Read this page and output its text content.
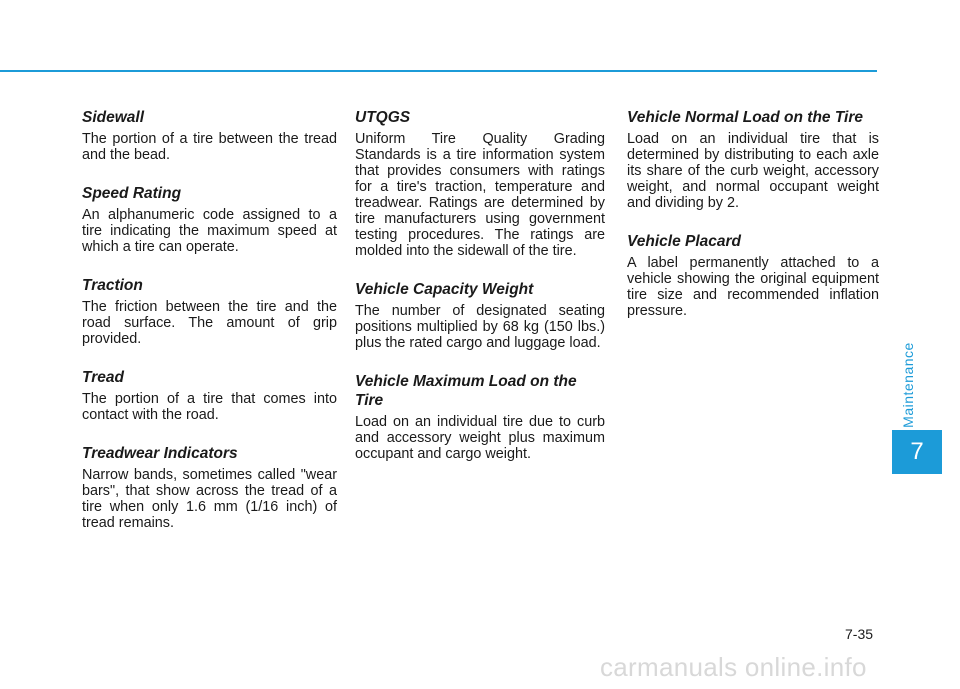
Sidewall

The portion of a tire between the tread and the bead.

Speed Rating

An alphanumeric code assigned to a tire indicating the maximum speed at which a tire can operate.

Traction

The friction between the tire and the road surface. The amount of grip provided.

Tread

The portion of a tire that comes into contact with the road.

Treadwear Indicators

Narrow bands, sometimes called "wear bars", that show across the tread of a tire when only 1.6 mm (1/16 inch) of tread remains.

UTQGS

Uniform Tire Quality Grading Standards is a tire information system that provides consumers with ratings for a tire's traction, temperature and treadwear. Ratings are determined by tire manufacturers using government testing procedures. The ratings are molded into the sidewall of the tire.

Vehicle Capacity Weight

The number of designated seating positions multiplied by 68 kg (150 lbs.) plus the rated cargo and luggage load.

Vehicle Maximum Load on the Tire

Load on an individual tire due to curb and accessory weight plus maximum occupant and cargo weight.

Vehicle Normal Load on the Tire

Load on an individual tire that is determined by distributing to each axle its share of the curb weight, accessory weight, and normal occupant weight and dividing by 2.

Vehicle Placard

A label permanently attached to a vehicle showing the original equipment tire size and recommended inflation pressure.

Maintenance
7
7-35
carmanuals online.info
